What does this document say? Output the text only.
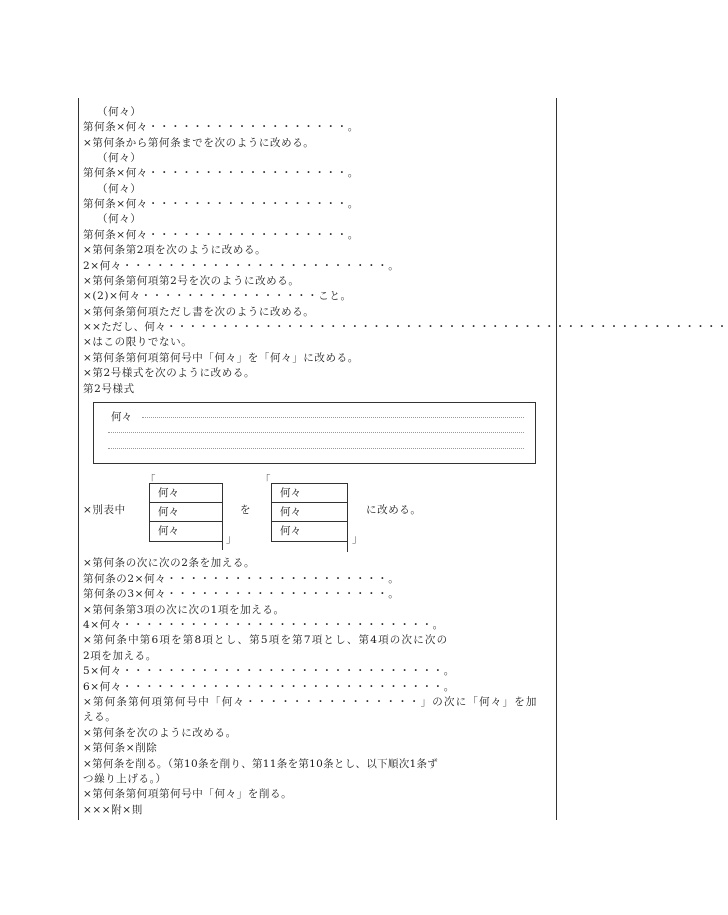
（何々）
第何条×何々・・・・・・・・・・・・・・・・・・。
×第何条から第何条までを次のように改める。
（何々）
第何条×何々・・・・・・・・・・・・・・・・・・。
（何々）
第何条×何々・・・・・・・・・・・・・・・・・・。
（何々）
第何条×何々・・・・・・・・・・・・・・・・・・。
×第何条第2項を次のように改める。
2×何々・・・・・・・・・・・・・・・・・・・・・・・・。
×第何条第何項第2号を次のように改める。
×(2)×何々・・・・・・・・・・・・・・・・こと。
×第何条第何項ただし書を次のように改める。
××ただし、何々・・・・・・・・・・・・・・・・・・・・・・・・・・・・・・・・・・・・・・・・・・・・・・・・・・・・
×はこの限りでない。
×第何条第何項第何号中「何々」を「何々」に改める。
×第2号様式を次のように改める。
第2号様式
何々
「
×別表中
何々
何々
何々
」
を
「
何々
何々
何々
」
に改める。
×第何条の次に次の2条を加える。
第何条の2×何々・・・・・・・・・・・・・・・・・・・・。
第何条の3×何々・・・・・・・・・・・・・・・・・・・・。
×第何条第3項の次に次の1項を加える。
4×何々・・・・・・・・・・・・・・・・・・・・・・・・・・・・。
×第何条中第6項を第8項とし、第5項を第7項とし、第4項の次に次の
2項を加える。
5×何々・・・・・・・・・・・・・・・・・・・・・・・・・・・・・。
6×何々・・・・・・・・・・・・・・・・・・・・・・・・・・・・・。
×第何条第何項第何号中「何々・・・・・・・・・・・・・・・」の次に「何々」を加
える。
×第何条を次のように改める。
×第何条×削除
×第何条を削る。（第10条を削り、第11条を第10条とし、以下順次1条ず
つ繰り上げる。）
×第何条第何項第何号中「何々」を削る。
×××附×則
